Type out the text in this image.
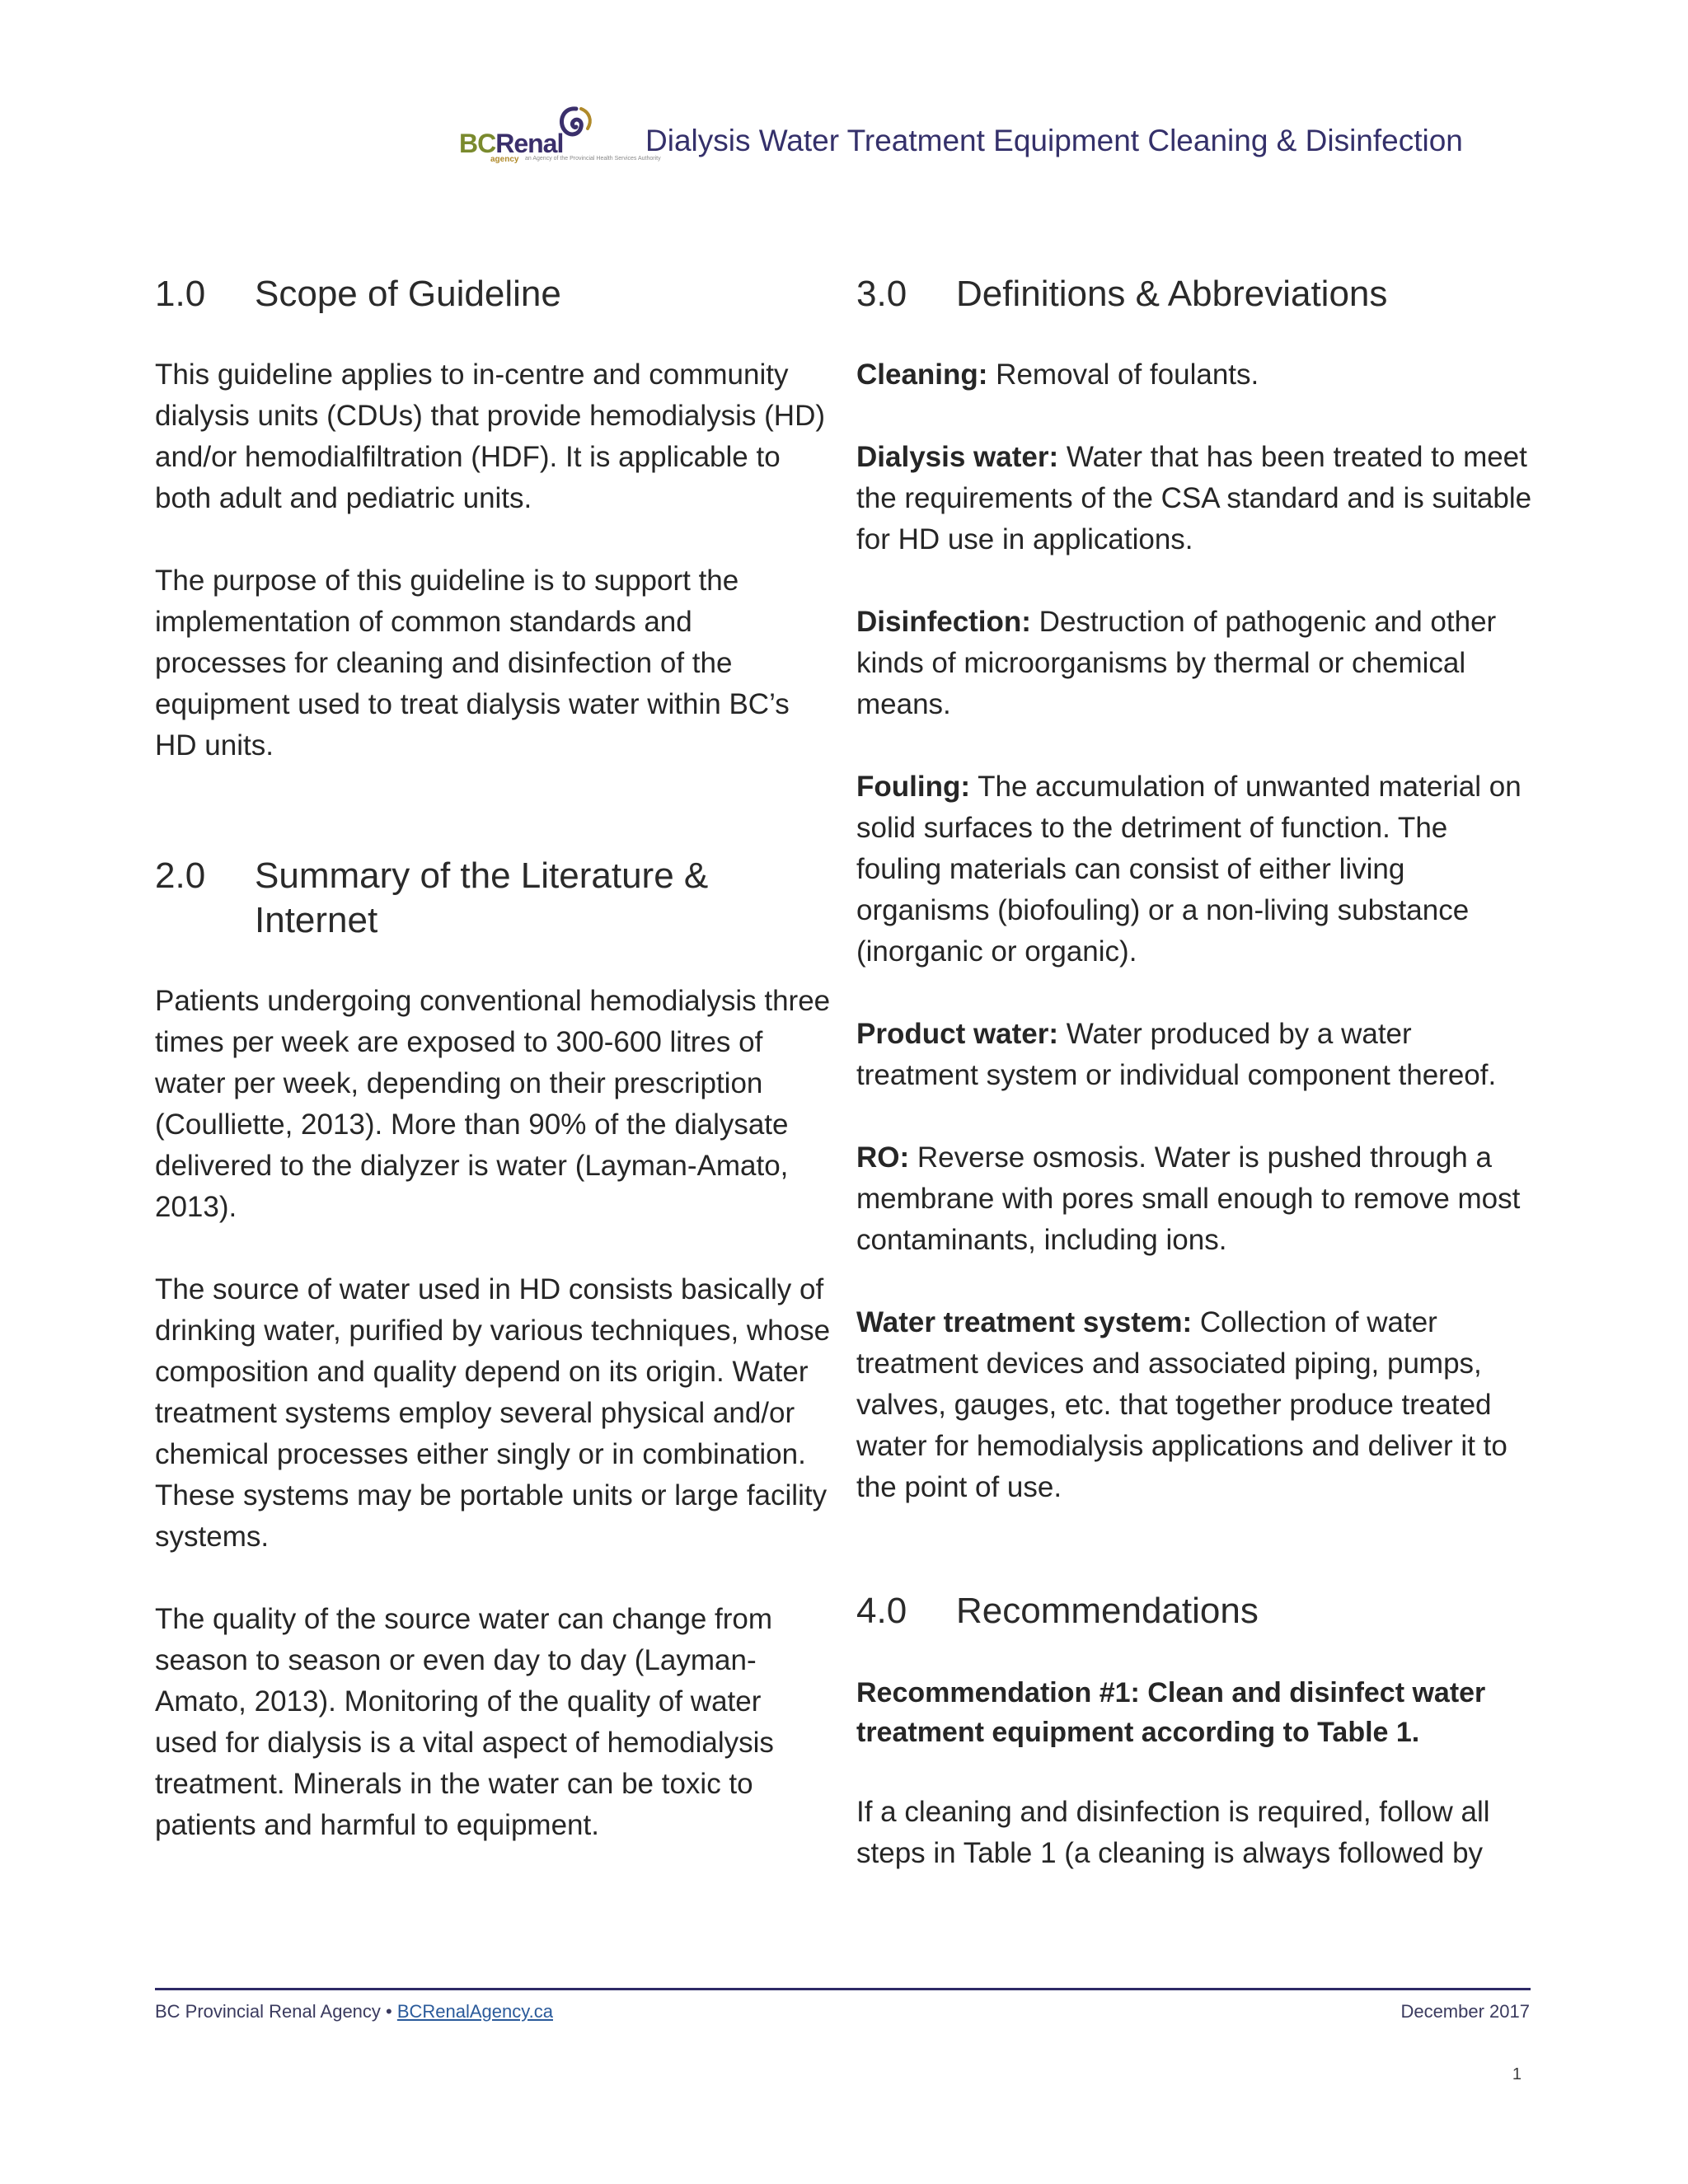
BCRenal
agency an Agency of the Provincial Health Services Authority
Dialysis Water Treatment Equipment Cleaning & Disinfection
1.0	Scope of Guideline

This guideline applies to in-centre and community dialysis units (CDUs) that provide hemodialysis (HD) and/or hemodialfiltration (HDF). It is applicable to both adult and pediatric units.

The purpose of this guideline is to support the implementation of common standards and processes for cleaning and disinfection of the equipment used to treat dialysis water within BC’s HD units.

2.0	Summary of the Literature & Internet

Patients undergoing conventional hemodialysis three times per week are exposed to 300-600 litres of water per week, depending on their prescription (Coulliette, 2013). More than 90% of the dialysate delivered to the dialyzer is water (Layman-Amato, 2013).

The source of water used in HD consists basically of drinking water, purified by various techniques, whose composition and quality depend on its origin. Water treatment systems employ several physical and/or chemical processes either singly or in combination. These systems may be portable units or large facility systems.

The quality of the source water can change from season to season or even day to day (Layman-Amato, 2013). Monitoring of the quality of water used for dialysis is a vital aspect of hemodialysis treatment. Minerals in the water can be toxic to patients and harmful to equipment.

3.0	Definitions & Abbreviations

Cleaning: Removal of foulants.

Dialysis water: Water that has been treated to meet the requirements of the CSA standard and is suitable for HD use in applications.

Disinfection: Destruction of pathogenic and other kinds of microorganisms by thermal or chemical means.

Fouling: The accumulation of unwanted material on solid surfaces to the detriment of function. The fouling materials can consist of either living organisms (biofouling) or a non-living substance (inorganic or organic).

Product water: Water produced by a water treatment system or individual component thereof.

RO: Reverse osmosis. Water is pushed through a membrane with pores small enough to remove most contaminants, including ions.

Water treatment system: Collection of water treatment devices and associated piping, pumps, valves, gauges, etc. that together produce treated water for hemodialysis applications and deliver it to the point of use.

4.0	Recommendations

Recommendation #1: Clean and disinfect water treatment equipment according to Table 1.

If a cleaning and disinfection is required, follow all steps in Table 1 (a cleaning is always followed by

BC Provincial Renal Agency • BCRenalAgency.ca	December 2017
1
